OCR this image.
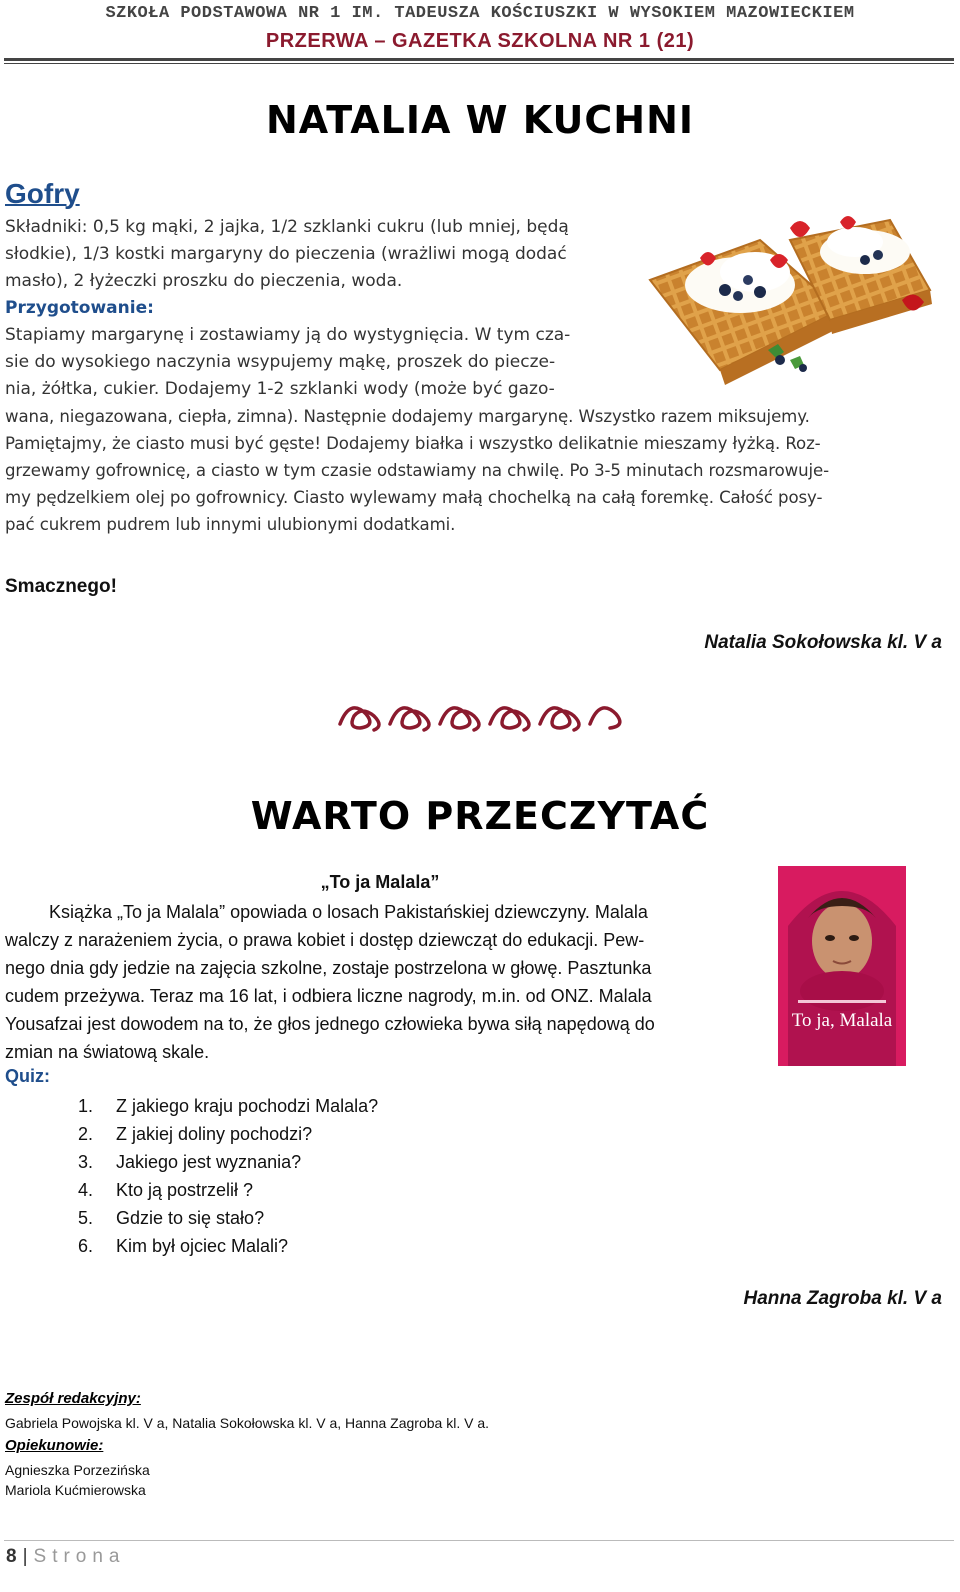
SZKOŁA PODSTAWOWA NR 1 IM. TADEUSZA KOŚCIUSZKI W WYSOKIEM MAZOWIECKIEM
PRZERWA – GAZETKA SZKOLNA NR 1 (21)
NATALIA W KUCHNI
Gofry

Składniki: 0,5 kg mąki, 2 jajka, 1/2 szklanki cukru (lub mniej, będą

słodkie), 1/3 kostki margaryny do pieczenia (wrażliwi mogą dodać

masło), 2 łyżeczki proszku do pieczenia, woda.

Przygotowanie:

Stapiamy margarynę i zostawiamy ją do wystygnięcia. W tym cza-

sie do wysokiego naczynia wsypujemy mąkę, proszek do piecze-

nia, żółtka, cukier. Dodajemy 1-2 szklanki wody (może być gazo-

wana, niegazowana, ciepła, zimna). Następnie dodajemy margarynę. Wszystko razem miksujemy.

Pamiętajmy, że ciasto musi być gęste! Dodajemy białka i wszystko delikatnie mieszamy łyżką. Roz-

grzewamy gofrownicę, a ciasto w tym czasie odstawiamy na chwilę. Po 3-5 minutach rozsmarowuje-

my pędzelkiem olej po gofrownicy. Ciasto wylewamy małą chochelką na całą foremkę. Całość posy-

pać cukrem pudrem lub innymi ulubionymi dodatkami.

Smacznego!
Natalia Sokołowska kl. V a
WARTO PRZECZYTAĆ
„To ja Malala”

Książka „To ja Malala” opowiada o losach Pakistańskiej dziewczyny. Malala

walczy z narażeniem życia, o prawa kobiet i dostęp dziewcząt do edukacji. Pew-

nego dnia gdy jedzie na zajęcia szkolne, zostaje postrzelona w głowę. Pasztunka

cudem przeżywa. Teraz ma 16 lat, i odbiera liczne nagrody, m.in. od ONZ. Malala

Yousafzai jest dowodem na to, że głos jednego człowieka bywa siłą napędową do

zmian na światową skale.

To ja, Malala
Quiz:
1.	Z jakiego kraju pochodzi Malala?
2.	Z jakiej doliny pochodzi?
3.	Jakiego jest wyznania?
4.	Kto ją postrzelił ?
5.	Gdzie to się stało?
6.	Kim był ojciec Malali?
Hanna Zagroba kl. V a
Zespół redakcyjny:
Gabriela Powojska kl. V a, Natalia Sokołowska kl. V a, Hanna Zagroba kl. V a.
Opiekunowie:
Agnieszka Porzezińska
Mariola Kućmierowska
8 | Strona
